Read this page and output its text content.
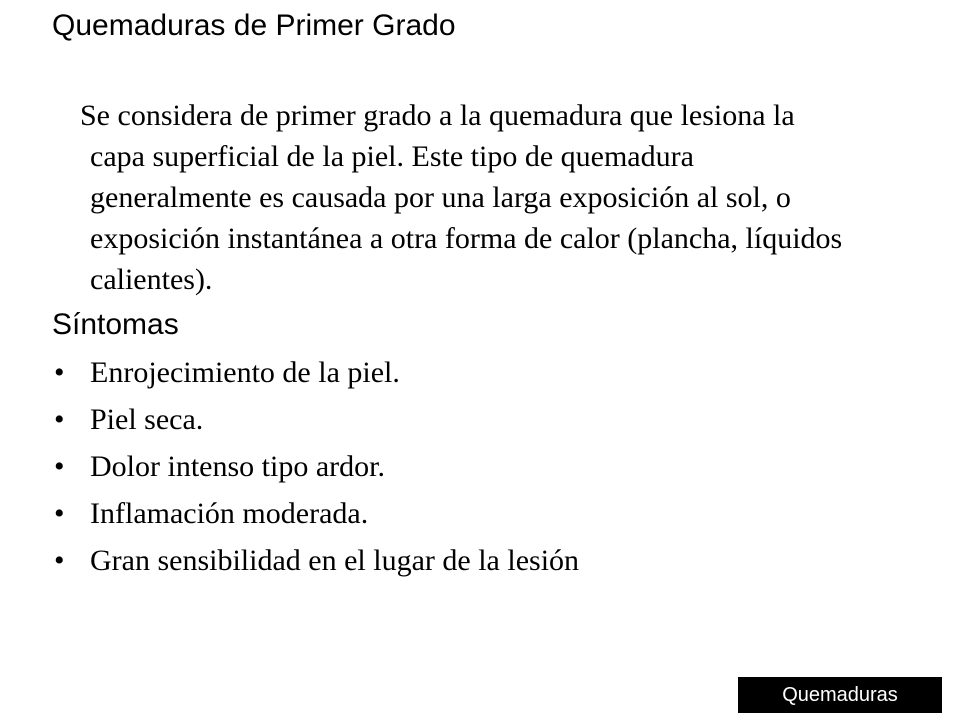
Quemaduras de Primer Grado
Se considera de primer grado a la quemadura que lesiona la capa superficial de la piel. Este tipo de quemadura generalmente es causada por una larga exposición al sol, o exposición instantánea a otra forma de calor (plancha, líquidos calientes).
Síntomas
• Enrojecimiento de la piel.
• Piel seca.
• Dolor intenso tipo ardor.
• Inflamación moderada.
• Gran sensibilidad en el lugar de la lesión
Quemaduras
